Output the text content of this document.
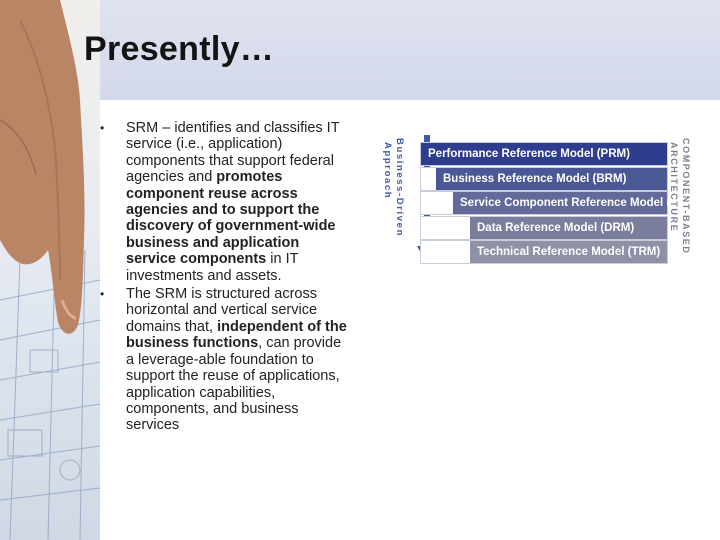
Presently…
• SRM – identifies and classifies IT service (i.e., application) components that support federal agencies and promotes component reuse across agencies and to support the discovery of government-wide business and application service components in IT investments and assets.
• The SRM is structured across horizontal and vertical service domains that, independent of the business functions, can provide a leverage-able foundation to support the reuse of applications, application capabilities, components, and business services
Business-Driven
Approach	Performance Reference Model (PRM)
Business Reference Model (BRM)
Service Component Reference Model (SRM)
Data Reference Model (DRM)
Technical Reference Model (TRM) COMPONENT-BASED
ARCHITECTURE
